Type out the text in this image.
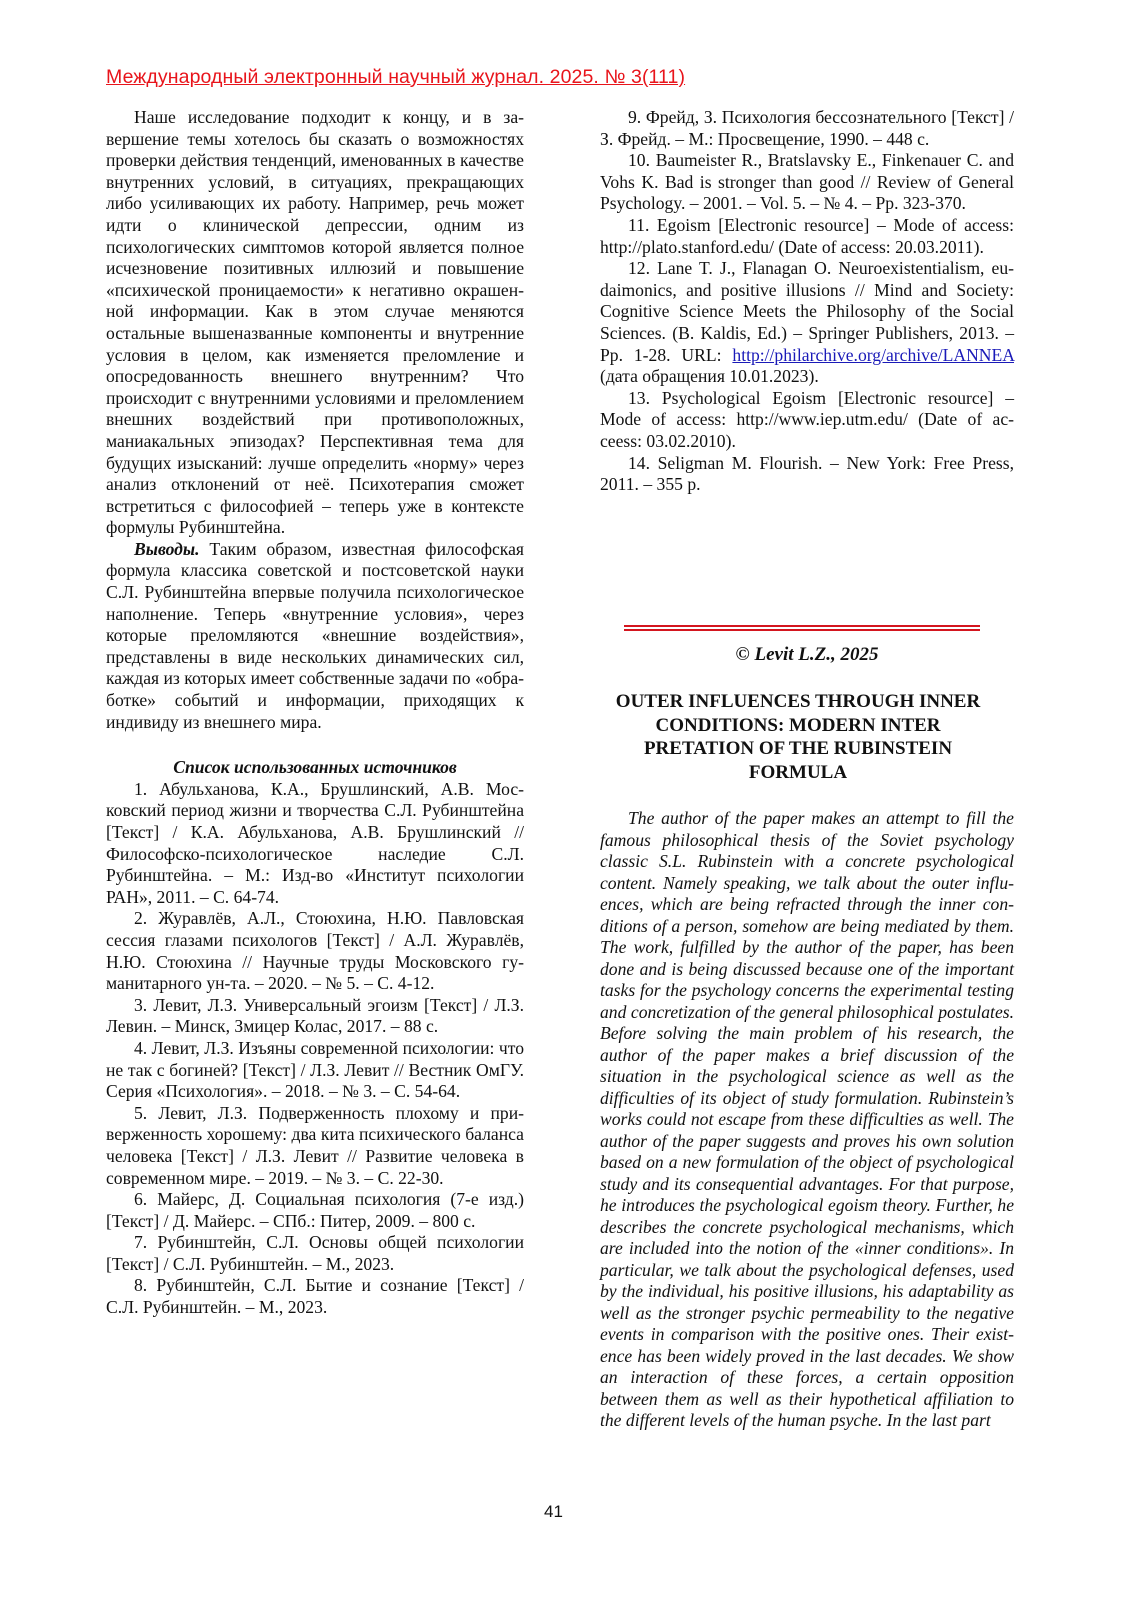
Международный электронный научный журнал. 2025. № 3(111)

Наше исследование подходит к концу, и в завершение темы хотелось бы сказать о возможностях проверки действия тенденций, именованных в качестве внутренних условий, в ситуациях, прекращающих либо усиливающих их работу. Например, речь может идти о клинической депрессии, одним из психологических симптомов которой является полное исчезновение позитивных иллюзий и повышение «психической проницаемости» к негативно окрашенной информации. Как в этом случае меняются остальные вышеназванные компоненты и внутренние условия в целом, как изменяется преломление и опосредованность внешнего внутренним? Что происходит с внутренними условиями и преломлением внешних воздействий при противоположных, маниакальных эпизодах? Перспективная тема для будущих изысканий: лучше определить «норму» через анализ отклонений от неё. Психотерапия сможет встретиться с философией – теперь уже в контексте формулы Рубинштейна.

Выводы. Таким образом, известная философская формула классика советской и постсоветской науки С.Л. Рубинштейна впервые получила психологическое наполнение. Теперь «внутренние условия», через которые преломляются «внешние воздействия», представлены в виде нескольких динамических сил, каждая из которых имеет собственные задачи по «обработке» событий и информации, приходящих к индивиду из внешнего мира.

Список использованных источников

1. Абульханова, К.А., Брушлинский, А.В. Московский период жизни и творчества С.Л. Рубинштейна [Текст] / К.А. Абульханова, А.В. Брушлинский // Философско-психологическое наследие С.Л. Рубинштейна. – М.: Изд-во «Институт психологии РАН», 2011. – С. 64-74.

2. Журавлёв, А.Л., Стоюхина, Н.Ю. Павловская сессия глазами психологов [Текст] / А.Л. Журавлёв, Н.Ю. Стоюхина // Научные труды Московского гуманитарного ун-та. – 2020. – № 5. – С. 4-12.

3. Левит, Л.З. Универсальный эгоизм [Текст] / Л.З. Левин. – Минск, Змицер Колас, 2017. – 88 с.

4. Левит, Л.З. Изъяны современной психологии: что не так с богиней? [Текст] / Л.З. Левит // Вестник ОмГУ. Серия «Психология». – 2018. – № 3. – С. 54-64.

5. Левит, Л.З. Подверженность плохому и приверженность хорошему: два кита психического баланса человека [Текст] / Л.З. Левит // Развитие человека в современном мире. – 2019. – № 3. – С. 22-30.

6. Майерс, Д. Социальная психология (7-е изд.) [Текст] / Д. Майерс. – СПб.: Питер, 2009. – 800 с.

7. Рубинштейн, С.Л. Основы общей психологии [Текст] / С.Л. Рубинштейн. – М., 2023.

8. Рубинштейн, С.Л. Бытие и сознание [Текст] / С.Л. Рубинштейн. – М., 2023.

9. Фрейд, З. Психология бессознательного [Текст] / З. Фрейд. – М.: Просвещение, 1990. – 448 с.

10. Baumeister R., Bratslavsky E., Finkenauer C. and Vohs K. Bad is stronger than good // Review of General Psychology. – 2001. – Vol. 5. – № 4. – Pp. 323-370.

11. Egoism [Electronic resource] – Mode of access: http://plato.stanford.edu/ (Date of access: 20.03.2011).

12. Lane T. J., Flanagan O. Neuroexistentialism, eudaimonics, and positive illusions // Mind and Society: Cognitive Science Meets the Philosophy of the Social Sciences. (B. Kaldis, Ed.) – Springer Publishers, 2013. – Pp. 1-28. URL: http://philarchive.org/archive/LANNEA (дата обращения 10.01.2023).

13. Psychological Egoism [Electronic resource] – Mode of access: http://www.iep.utm.edu/ (Date of acceess: 03.02.2010).

14. Seligman M. Flourish. – New York: Free Press, 2011. – 355 p.

© Levit L.Z., 2025
OUTER INFLUENCES THROUGH INNER CONDITIONS: MODERN INTER PRETATION OF THE RUBINSTEIN FORMULA

The author of the paper makes an attempt to fill the famous philosophical thesis of the Soviet psychology classic S.L. Rubinstein with a concrete psychological content. Namely speaking, we talk about the outer influences, which are being refracted through the inner conditions of a person, somehow are being mediated by them. The work, fulfilled by the author of the paper, has been done and is being discussed because one of the important tasks for the psychology concerns the experimental testing and concretization of the general philosophical postulates. Before solving the main problem of his research, the author of the paper makes a brief discussion of the situation in the psychological science as well as the difficulties of its object of study formulation. Rubinstein’s works could not escape from these difficulties as well. The author of the paper suggests and proves his own solution based on a new formulation of the object of psychological study and its consequential advantages. For that purpose, he introduces the psychological egoism theory. Further, he describes the concrete psychological mechanisms, which are included into the notion of the «inner conditions». In particular, we talk about the psychological defenses, used by the individual, his positive illusions, his adaptability as well as the stronger psychic permeability to the negative events in comparison with the positive ones. Their existence has been widely proved in the last decades. We show an interaction of these forces, a certain opposition between them as well as their hypothetical affiliation to the different levels of the human psyche. In the last part

41
